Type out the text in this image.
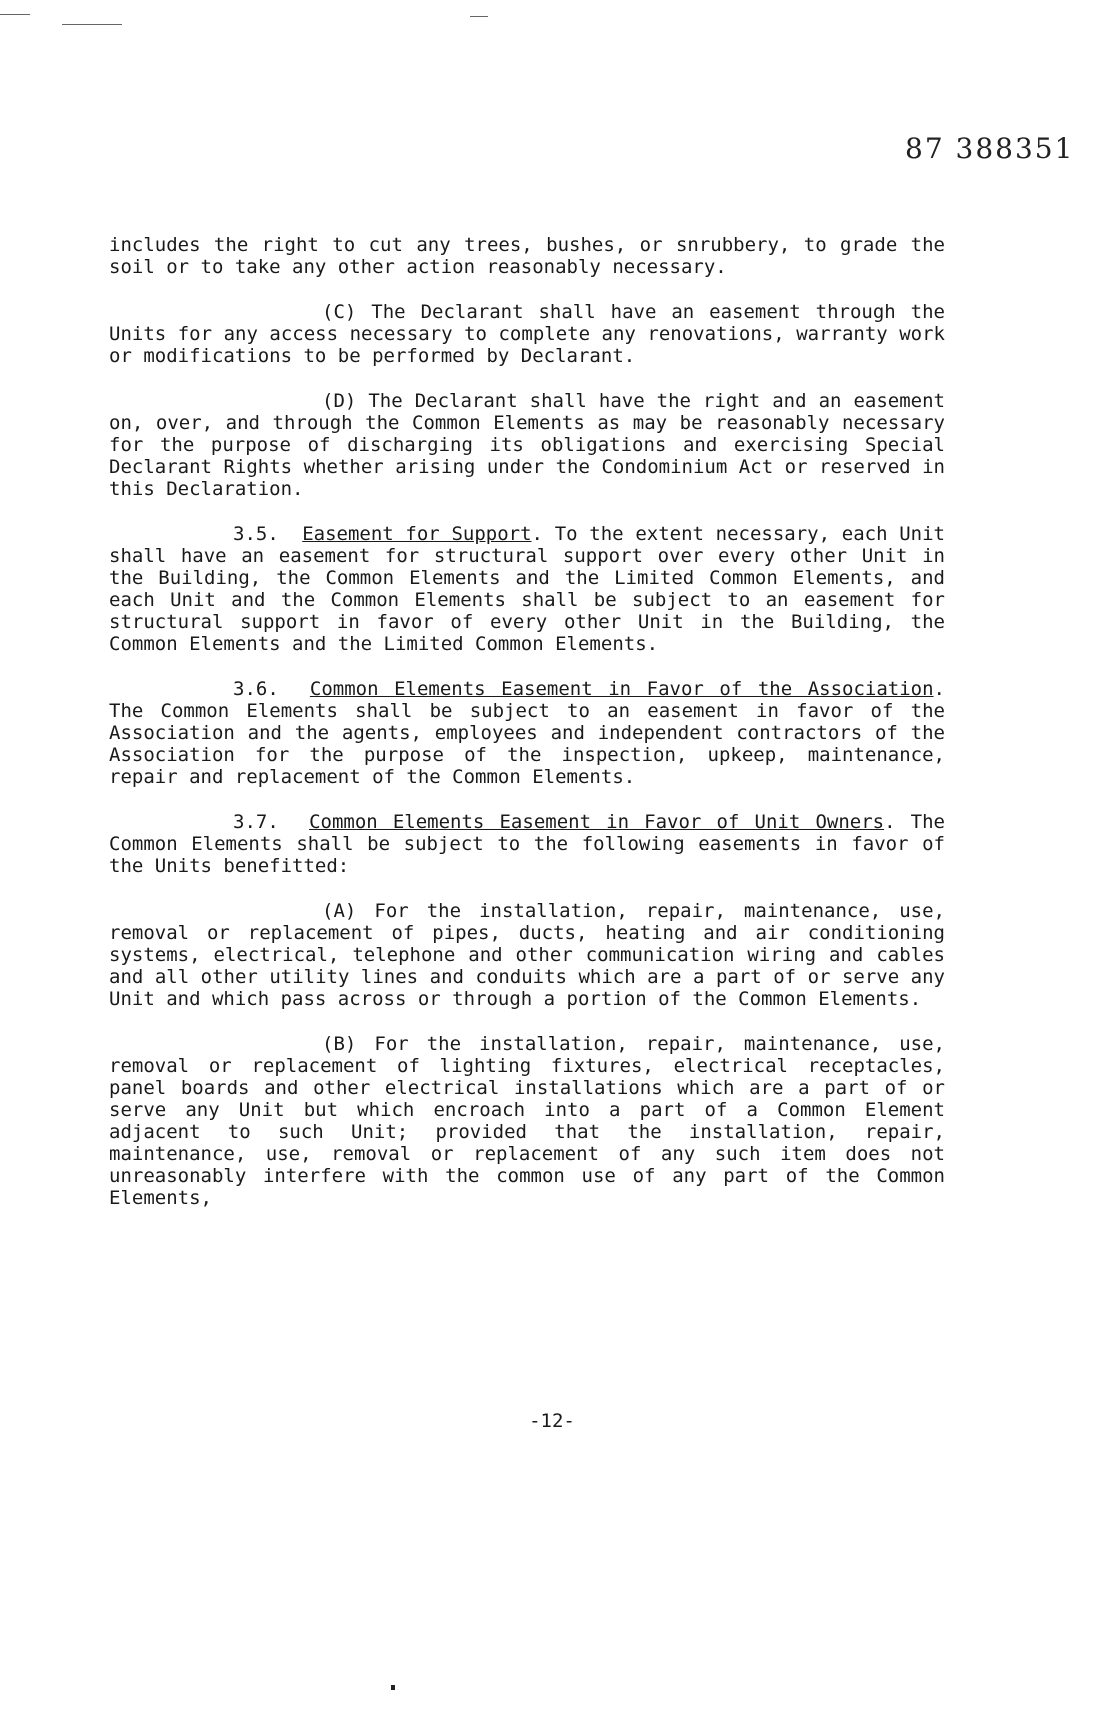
87 388351

includes the right to cut any trees, bushes, or snrubbery, to grade the soil or to take any other action reasonably necessary.

(C) The Declarant shall have an easement through the Units for any access necessary to complete any renovations, warranty work or modifications to be performed by Declarant.

(D) The Declarant shall have the right and an easement on, over, and through the Common Elements as may be reasonably necessary for the purpose of discharging its obligations and exercising Special Declarant Rights whether arising under the Condominium Act or reserved in this Declaration.

3.5. Easement for Support. To the extent necessary, each Unit shall have an easement for structural support over every other Unit in the Building, the Common Elements and the Limited Common Elements, and each Unit and the Common Elements shall be subject to an easement for structural support in favor of every other Unit in the Building, the Common Elements and the Limited Common Elements.

3.6. Common Elements Easement in Favor of the Association. The Common Elements shall be subject to an easement in favor of the Association and the agents, employees and independent contractors of the Association for the purpose of the inspection, upkeep, maintenance, repair and replacement of the Common Elements.

3.7. Common Elements Easement in Favor of Unit Owners. The Common Elements shall be subject to the following easements in favor of the Units benefitted:

(A) For the installation, repair, maintenance, use, removal or replacement of pipes, ducts, heating and air conditioning systems, electrical, telephone and other communication wiring and cables and all other utility lines and conduits which are a part of or serve any Unit and which pass across or through a portion of the Common Elements.

(B) For the installation, repair, maintenance, use, removal or replacement of lighting fixtures, electrical receptacles, panel boards and other electrical installations which are a part of or serve any Unit but which encroach into a part of a Common Element adjacent to such Unit; provided that the installation, repair, maintenance, use, removal or replacement of any such item does not unreasonably interfere with the common use of any part of the Common Elements,

-12-
